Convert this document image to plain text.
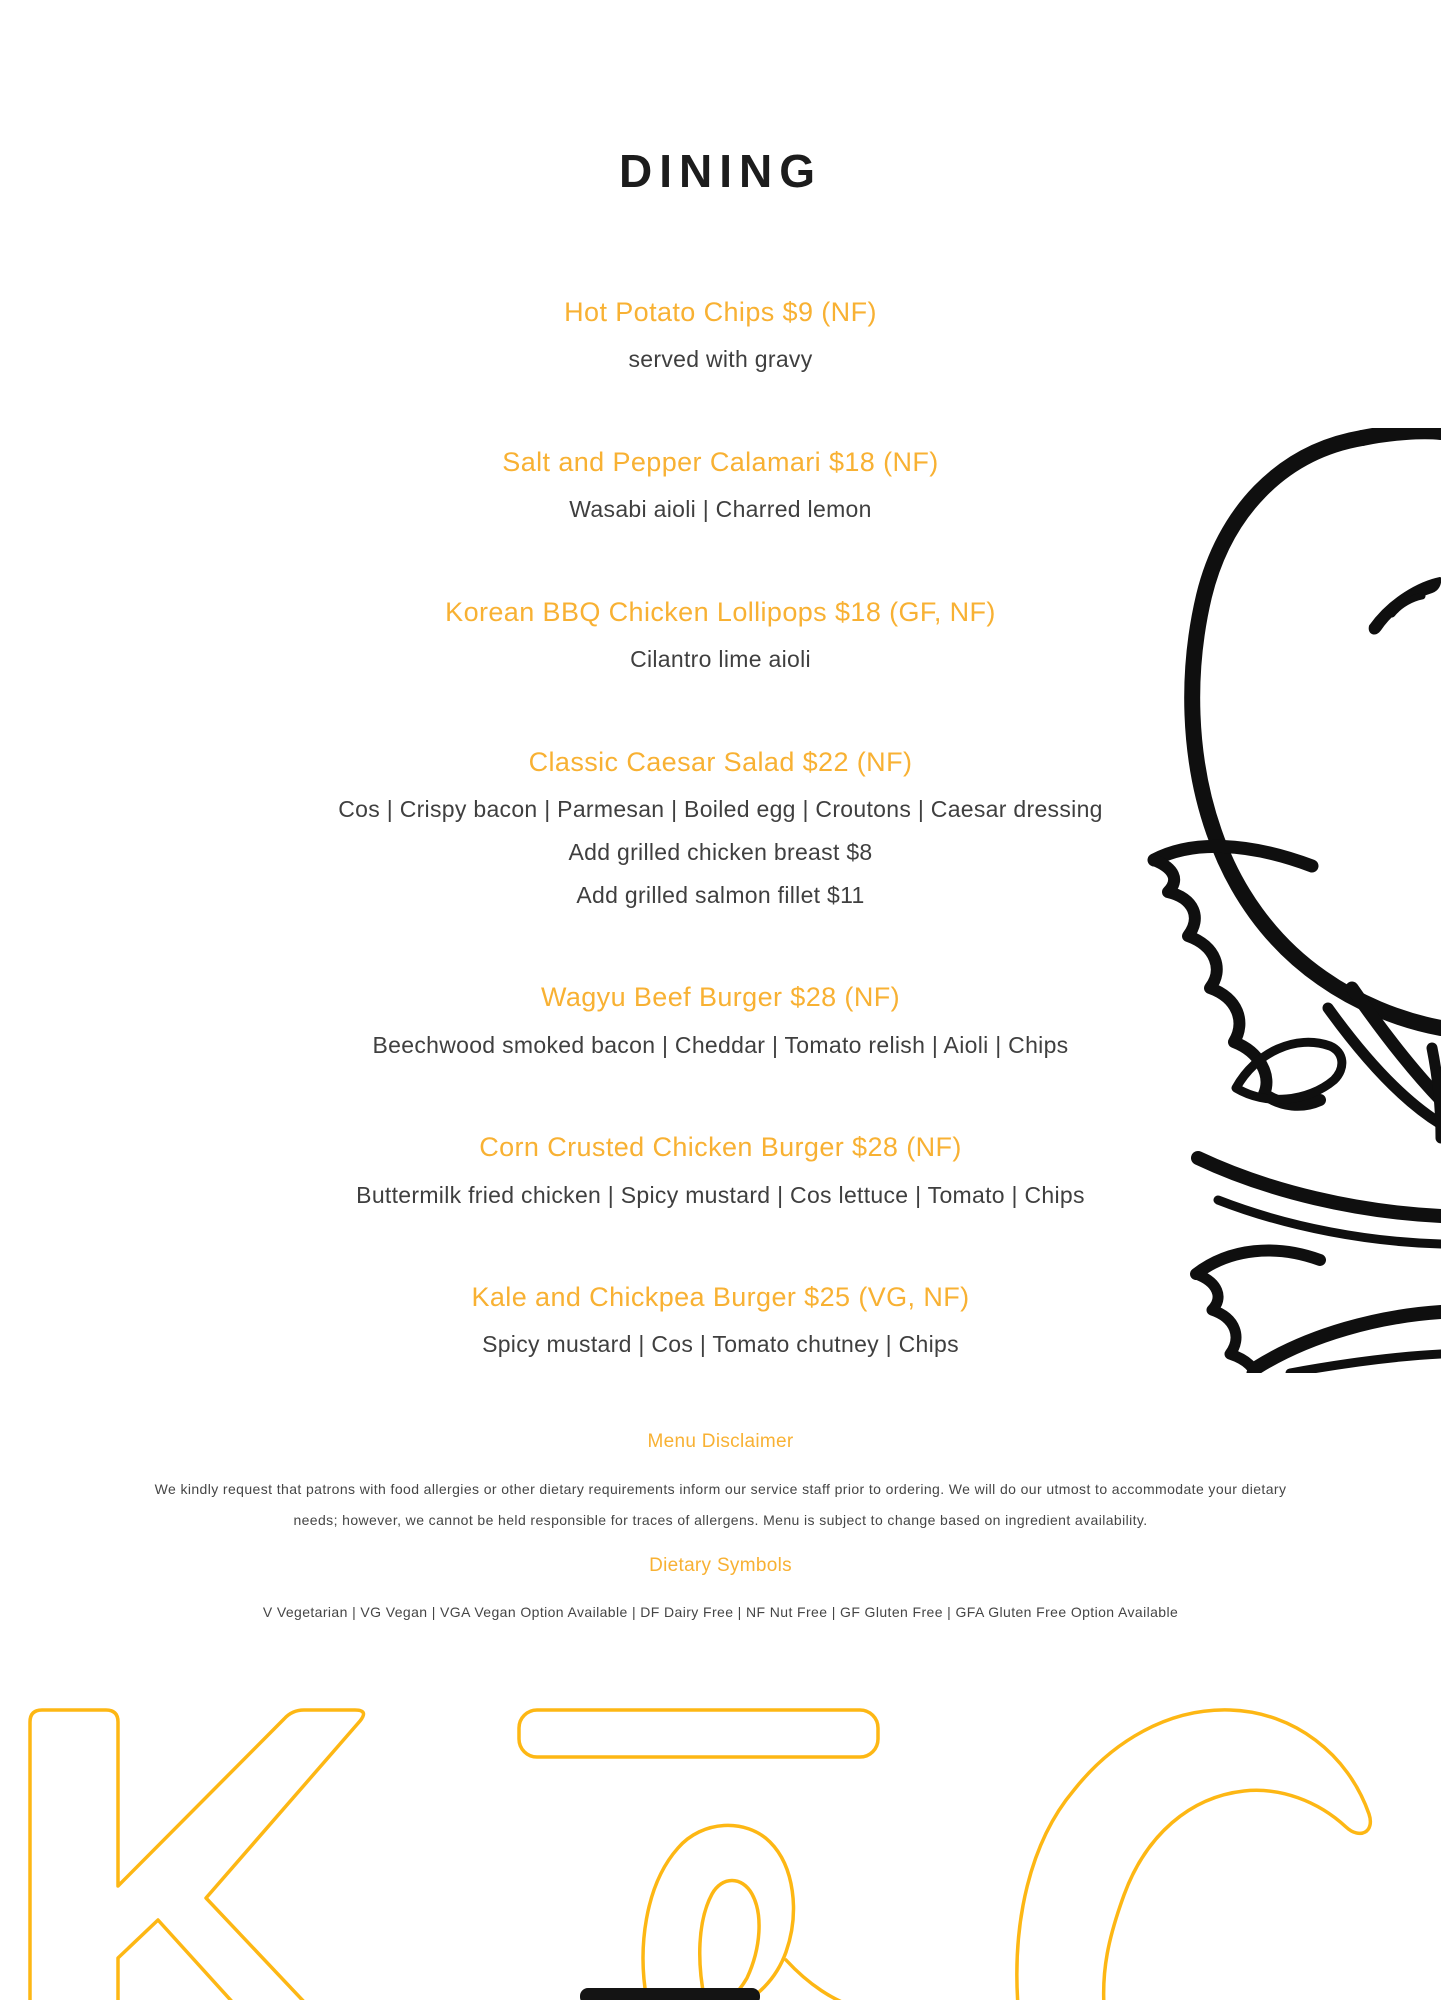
DINING
Hot Potato Chips $9 (NF)
served with gravy
Salt and Pepper Calamari $18 (NF)
Wasabi aioli | Charred lemon
Korean BBQ Chicken Lollipops $18 (GF, NF)
Cilantro lime aioli
Classic Caesar Salad $22 (NF)
Cos | Crispy bacon | Parmesan | Boiled egg | Croutons | Caesar dressing
Add grilled chicken breast $8
Add grilled salmon fillet $11
Wagyu Beef Burger $28 (NF)
Beechwood smoked bacon | Cheddar | Tomato relish | Aioli | Chips
Corn Crusted Chicken Burger $28 (NF)
Buttermilk fried chicken | Spicy mustard | Cos lettuce | Tomato | Chips
Kale and Chickpea Burger $25 (VG, NF)
Spicy mustard | Cos | Tomato chutney | Chips
Menu Disclaimer
We kindly request that patrons with food allergies or other dietary requirements inform our service staff prior to ordering. We will do our utmost to accommodate your dietary
needs; however, we cannot be held responsible for traces of allergens. Menu is subject to change based on ingredient availability.
Dietary Symbols
V Vegetarian | VG Vegan | VGA Vegan Option Available | DF Dairy Free | NF Nut Free | GF Gluten Free | GFA Gluten Free Option Available
